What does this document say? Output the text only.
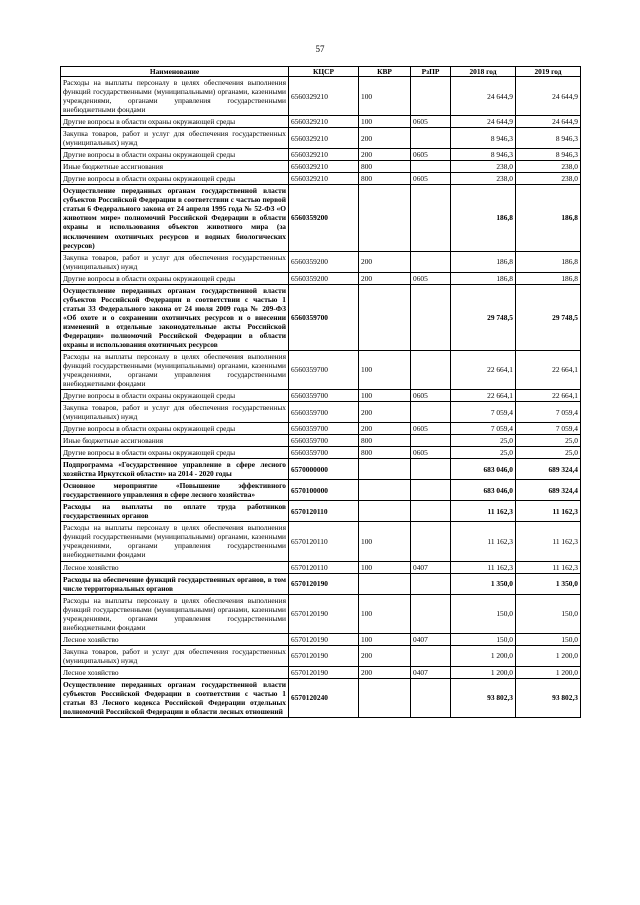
57
Наименование	КЦСР	КВР	РзПР	2018 год	2019 год
Расходы на выплаты персоналу в целях обеспечения выполнения функций государственными (муниципальными) органами, казенными учреждениями, органами управления государственными внебюджетными фондами	6560329210	100		24 644,9	24 644,9
Другие вопросы в области охраны окружающей среды	6560329210	100	0605	24 644,9	24 644,9
Закупка товаров, работ и услуг для обеспечения государственных (муниципальных) нужд	6560329210	200		8 946,3	8 946,3
Другие вопросы в области охраны окружающей среды	6560329210	200	0605	8 946,3	8 946,3
Иные бюджетные ассигнования	6560329210	800		238,0	238,0
Другие вопросы в области охраны окружающей среды	6560329210	800	0605	238,0	238,0
Осуществление переданных органам государственной власти субъектов Российской Федерации в соответствии с частью первой статьи 6 Федерального закона от 24 апреля 1995 года № 52-ФЗ «О животном мире» полномочий Российской Федерации в области охраны и использования объектов животного мира (за исключением охотничьих ресурсов и водных биологических ресурсов)	6560359200			186,8	186,8
Закупка товаров, работ и услуг для обеспечения государственных (муниципальных) нужд	6560359200	200		186,8	186,8
Другие вопросы в области охраны окружающей среды	6560359200	200	0605	186,8	186,8
Осуществление переданных органам государственной власти субъектов Российской Федерации в соответствии с частью 1 статьи 33 Федерального закона от 24 июля 2009 года № 209-ФЗ «Об охоте и о сохранении охотничьих ресурсов и о внесении изменений в отдельные законодательные акты Российской Федерации» полномочий Российской Федерации в области охраны и использования охотничьих ресурсов	6560359700			29 748,5	29 748,5
Расходы на выплаты персоналу в целях обеспечения выполнения функций государственными (муниципальными) органами, казенными учреждениями, органами управления государственными внебюджетными фондами	6560359700	100		22 664,1	22 664,1
Другие вопросы в области охраны окружающей среды	6560359700	100	0605	22 664,1	22 664,1
Закупка товаров, работ и услуг для обеспечения государственных (муниципальных) нужд	6560359700	200		7 059,4	7 059,4
Другие вопросы в области охраны окружающей среды	6560359700	200	0605	7 059,4	7 059,4
Иные бюджетные ассигнования	6560359700	800		25,0	25,0
Другие вопросы в области охраны окружающей среды	6560359700	800	0605	25,0	25,0
Подпрограмма «Государственное управление в сфере лесного хозяйства Иркутской области» на 2014 - 2020 годы	6570000000			683 046,0	689 324,4
Основное мероприятие «Повышение эффективного государственного управления в сфере лесного хозяйства»	6570100000			683 046,0	689 324,4
Расходы на выплаты по оплате труда работников государственных органов	6570120110			11 162,3	11 162,3
Расходы на выплаты персоналу в целях обеспечения выполнения функций государственными (муниципальными) органами, казенными учреждениями, органами управления государственными внебюджетными фондами	6570120110	100		11 162,3	11 162,3
Лесное хозяйство	6570120110	100	0407	11 162,3	11 162,3
Расходы на обеспечение функций государственных органов, в том числе территориальных органов	6570120190			1 350,0	1 350,0
Расходы на выплаты персоналу в целях обеспечения выполнения функций государственными (муниципальными) органами, казенными учреждениями, органами управления государственными внебюджетными фондами	6570120190	100		150,0	150,0
Лесное хозяйство	6570120190	100	0407	150,0	150,0
Закупка товаров, работ и услуг для обеспечения государственных (муниципальных) нужд	6570120190	200		1 200,0	1 200,0
Лесное хозяйство	6570120190	200	0407	1 200,0	1 200,0
Осуществление переданных органам государственной власти субъектов Российской Федерации в соответствии с частью 1 статьи 83 Лесного кодекса Российской Федерации отдельных полномочий Российской Федерации в области лесных отношений	6570120240			93 802,3	93 802,3
